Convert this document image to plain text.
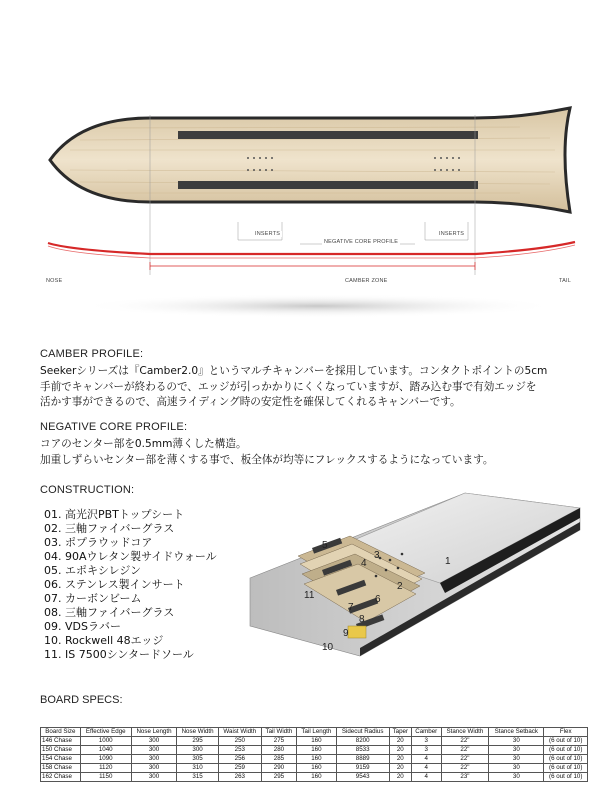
INSERTS	INSERTS
NEGATIVE CORE PROFILE
NOSE	CAMBER ZONE	TAIL
CAMBER PROFILE:
Seekerシリーズは『Camber2.0』というマルチキャンバーを採用しています。コンタクトポイントの5cm
手前でキャンバーが終わるので、エッジが引っかかりにくくなっていますが、踏み込む事で有効エッジを
活かす事ができるので、高速ライディング時の安定性を確保してくれるキャンバーです。
NEGATIVE CORE PROFILE:
コアのセンター部を0.5mm薄くした構造。
加重しずらいセンター部を薄くする事で、板全体が均等にフレックスするようになっています。
CONSTRUCTION:
01. 高光沢PBTトップシート
02. 三軸ファイバーグラス
03. ポプラウッドコア
04. 90Aウレタン製サイドウォール
05. エポキシレジン
06. ステンレス製インサート
07. カーボンビーム
08. 三軸ファイバーグラス
09. VDSラバー
10. Rockwell 48エッジ
11. IS 7500シンタードソール
1
2
3
4
5
6
7
8
9
10
11
BOARD SPECS:
Board Size	Effective Edge	Nose Length	Nose Width	Waist Width	Tail Width	Tail Length	Sidecut Radius	Taper	Camber	Stance Width	Stance Setback	Flex
146 Chase	1000	300	295	250	275	160	8200	20	3	22"	30	(6 out of 10)
150 Chase	1040	300	300	253	280	160	8533	20	3	22"	30	(6 out of 10)
154 Chase	1090	300	305	256	285	160	8889	20	4	22"	30	(6 out of 10)
158 Chase	1120	300	310	259	290	160	9159	20	4	22"	30	(6 out of 10)
162 Chase	1150	300	315	263	295	160	9543	20	4	23"	30	(6 out of 10)
